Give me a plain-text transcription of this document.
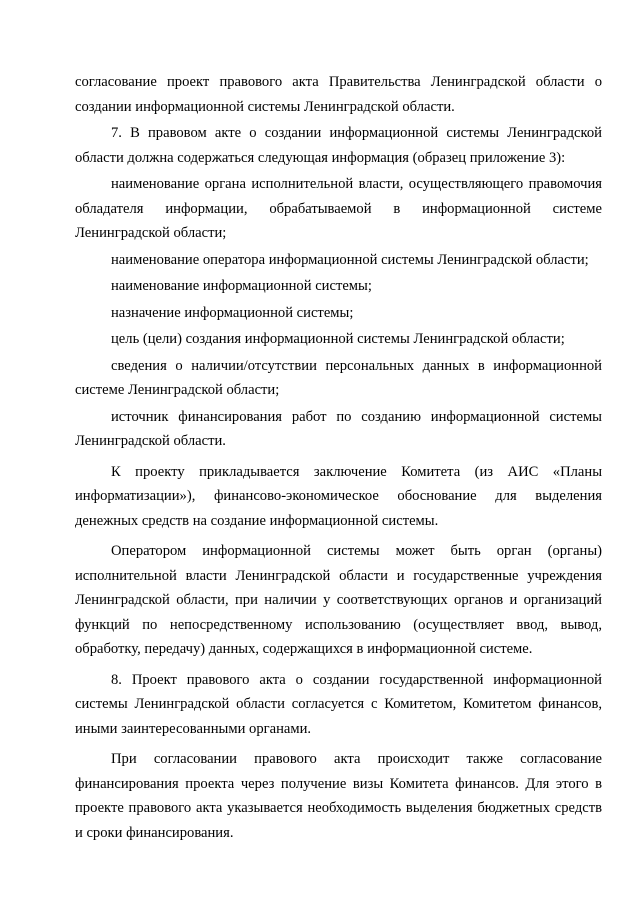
согласование проект правового акта Правительства Ленинградской области о создании информационной системы Ленинградской области.

7. В правовом акте о создании информационной системы Ленинградской области должна содержаться следующая информация (образец приложение 3):

наименование органа исполнительной власти, осуществляющего правомочия обладателя информации, обрабатываемой в информационной системе Ленинградской области;

наименование оператора информационной системы Ленинградской области;

наименование информационной системы;

назначение информационной системы;

цель (цели) создания информационной системы Ленинградской области;

сведения о наличии/отсутствии персональных данных в информационной системе Ленинградской области;

источник финансирования работ по созданию информационной системы Ленинградской области.

К проекту прикладывается заключение Комитета (из АИС «Планы информатизации»), финансово-экономическое обоснование для выделения денежных средств на создание информационной системы.

Оператором информационной системы может быть орган (органы) исполнительной власти Ленинградской области и государственные учреждения Ленинградской области, при наличии у соответствующих органов и организаций функций по непосредственному использованию (осуществляет ввод, вывод, обработку, передачу) данных, содержащихся в информационной системе.

8. Проект правового акта о создании государственной информационной системы Ленинградской области согласуется с Комитетом, Комитетом финансов, иными заинтересованными органами.

При согласовании правового акта происходит также согласование финансирования проекта через получение визы Комитета финансов. Для этого в проекте правового акта указывается необходимость выделения бюджетных средств и сроки финансирования.
